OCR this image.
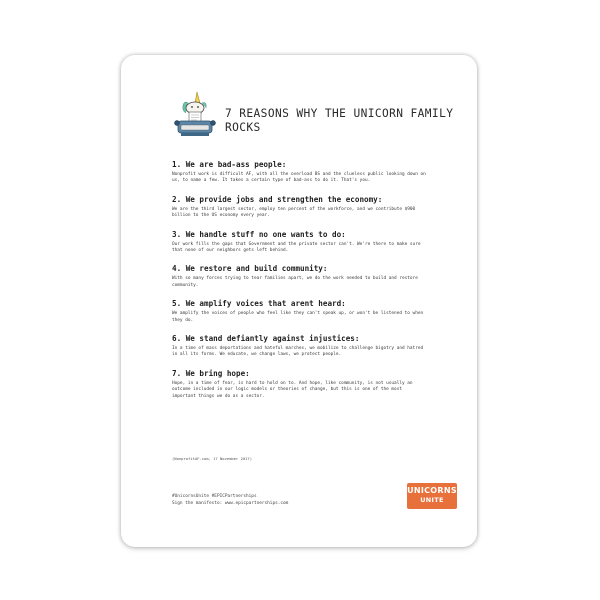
7 REASONS WHY THE UNICORN FAMILY ROCKS
1. We are bad-ass people:

Nonprofit work is difficult AF, with all the overload BS and the clueless public looking down on us, to name a few. It takes a certain type of bad-ass to do it. That's you.

2. We provide jobs and strengthen the economy:

We are the third largest sector, employ ten percent of the workforce, and we contribute $900 billion to the US economy every year.

3. We handle stuff no one wants to do:

Our work fills the gaps that Government and the private sector can't. We're there to make sure that none of our neighbors gets left behind.

4. We restore and build community:

With so many forces trying to tear families apart, we do the work needed to build and restore community.

5. We amplify voices that arent heard:

We amplify the voices of people who feel like they can't speak up, or won't be listened to when they do.

6. We stand defiantly against injustices:

In a time of mass deportations and hateful marches, we mobilize to challenge bigotry and hatred in all its forms. We educate, we change laws, we protect people.

7. We bring hope:

Hope, in a time of fear, is hard to hold on to. And hope, like community, is not usually an outcome included in our logic models or theories of change, but this is one of the most important things we do as a sector.

(NonprofitAF.com, 17 November 2017)
#UnicornsUnite #EPICPartnerships
Sign the manifesto: www.epicpartnerships.com
UNICORNS
UNITE
